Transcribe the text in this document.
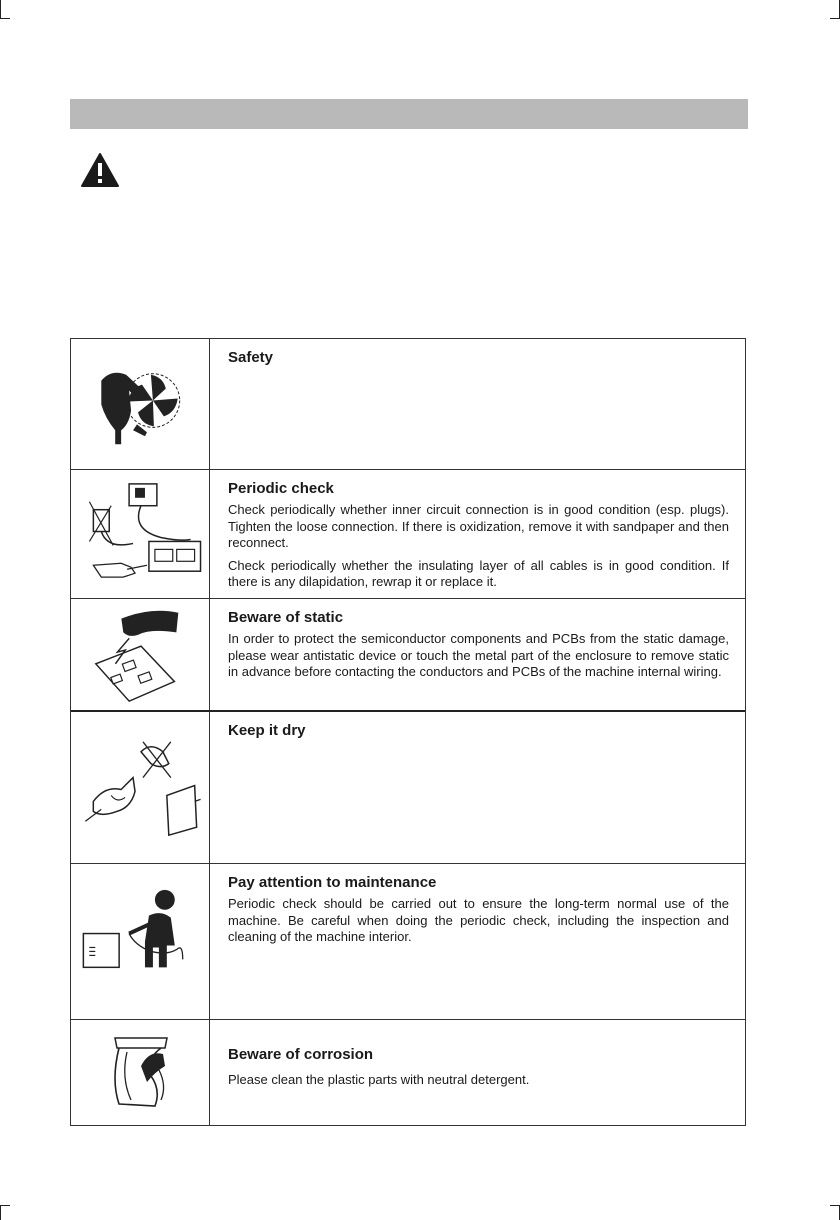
Safety
Periodic check

Check periodically whether inner circuit connection is in good condition (esp. plugs). Tighten the loose connection. If there is oxidization, remove it with sandpaper and then reconnect.

Check periodically whether the insulating layer of all cables is in good condition. If there is any dilapidation, rewrap it or replace it.

Beware of static

In order to protect the semiconductor components and PCBs from the static damage, please wear antistatic device or touch the metal part of the enclosure to remove static in advance before contacting the conductors and PCBs of the machine internal wiring.

Keep it dry
Pay attention to maintenance

Periodic check should be carried out to ensure the long-term normal use of the machine. Be careful when doing the periodic check, including the inspection and cleaning of the machine interior.

Beware of corrosion

Please clean the plastic parts with neutral detergent.
